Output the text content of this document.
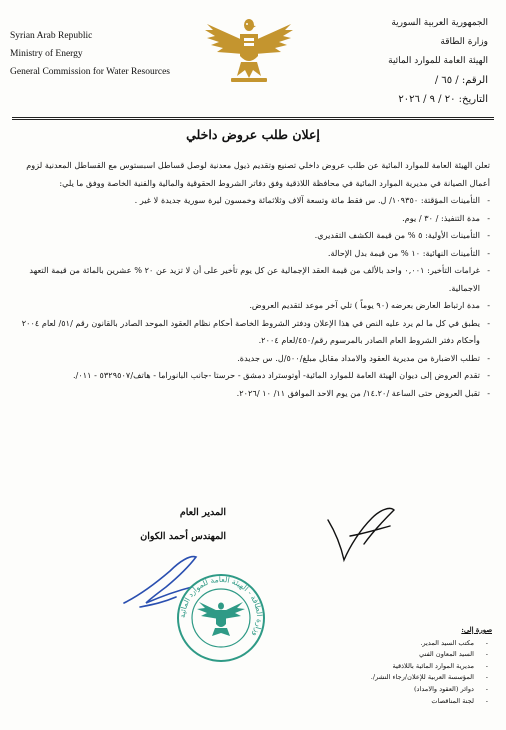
Syrian Arab Republic
Ministry of Energy
General Commission for Water Resources
الجمهورية العربية السورية
وزارة الطاقة
الهيئة العامة للموارد المائية
الرقم: / ٦٥ /
التاريخ: ٢٠ / ٩ / ٢٠٢٦
إعلان طلب عروض داخلي

تعلن الهيئة العامة للموارد المائية عن طلب عروض داخلي تصنيع وتقديم ذيول معدنية لوصل قساطل اسبستوس مع القساطل المعدنية لزوم أعمال الصيانة في مديرية الموارد المائية في محافظة اللاذقية وفق دفاتر الشروط الحقوقية والمالية والفنية الخاصة ووفق ما يلي:

- التأمينات المؤقتة: ١٠٩٣٥٠/ ل. س فقط مائة وتسعة آلاف وثلاثمائة وخمسون ليرة سورية جديدة لا غير .
- مدة التنفيذ: / ٣٠ / يوم.
- التأمينات الأولية: ٥ % من قيمة الكشف التقديري.
- التأمينات النهائية: ١٠ % من قيمة بدل الإحالة.
- غرامات التأخير: ٠,٠٠١ واحد بالألف من قيمة العقد الإجمالية عن كل يوم تأخير على أن لا تزيد عن ٢٠ % عشرين بالمائة من قيمة التعهد الاجمالية.
- مدة ارتباط العارض بعرضه (٩٠ يوماً ) تلي آخر موعد لتقديم العروض.
- يطبق في كل ما لم يرد عليه النص في هذا الإعلان ودفتر الشروط الخاصة أحكام نظام العقود الموحد الصادر بالقانون رقم /٥١/ لعام ٢٠٠٤ وأحكام دفتر الشروط العام الصادر بالمرسوم رقم/٤٥٠/لعام ٢٠٠٤.
- تطلب الاضبارة من مديرية العقود والامداد مقابل مبلغ/٥٠٠/ل. س جديدة.
- تقدم العروض إلى ديوان الهيئة العامة للموارد المائية- أوتوستراد دمشق - حرستا -جانب البانوراما - هاتف/٥٣٢٩٥٠٧ - ٠١١/.
- تقبل العروض حتى الساعة /١٤.٢٠/ من يوم الاحد الموافق ١١/ ١٠ /٢٠٢٦.
المدير العام
المهندس أحمد الكوان
وزارة الطاقة - الهيئة العامة للموارد المائية
صورة إلى:
- مكتب السيد المدير.
- السيد المعاون الفني
- مديرية الموارد المائية باللاذقية
- المؤسسة العربية للإعلان/رجاء النشر/.
- دوائر (العقود والامداد)
- لجنة المناقصات
